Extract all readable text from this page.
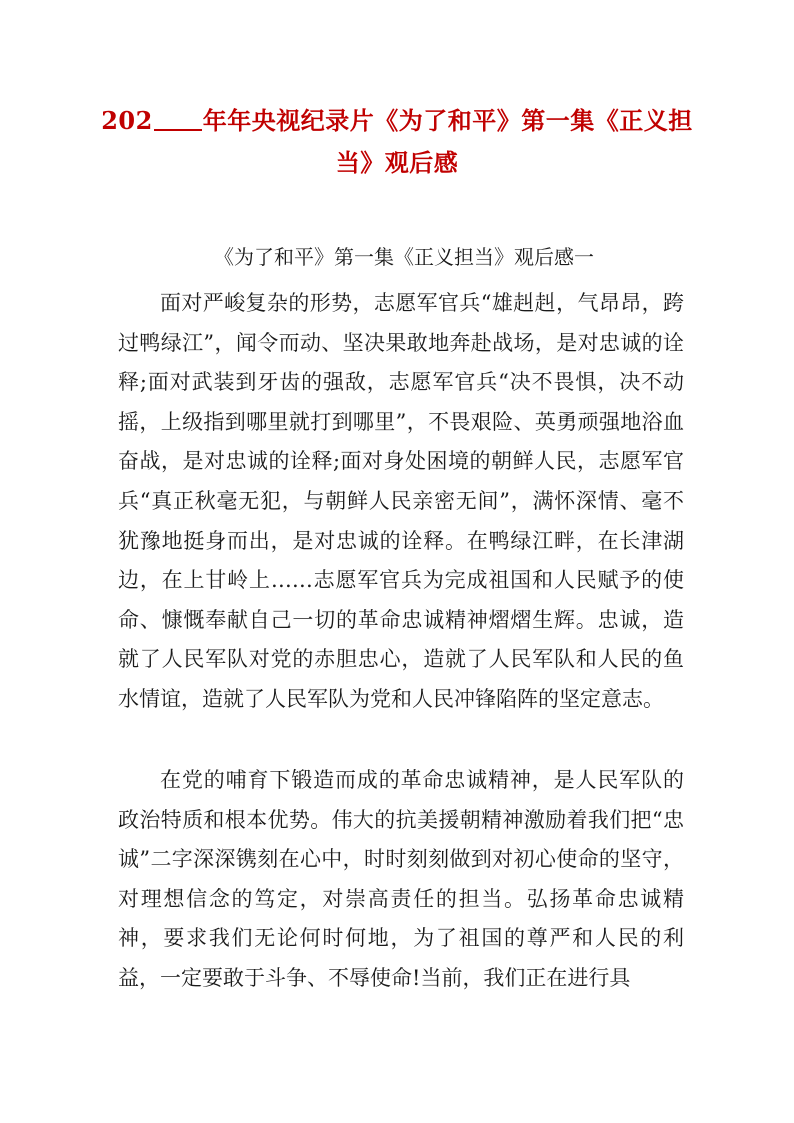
202 年年央视纪录片《为了和平》第一集《正义担
当》观后感
《为了和平》第一集《正义担当》观后感一

面对严峻复杂的形势，志愿军官兵“雄赳赳，气昂昂，跨过鸭绿江”，闻令而动、坚决果敢地奔赴战场，是对忠诚的诠释;面对武装到牙齿的强敌，志愿军官兵“决不畏惧，决不动摇，上级指到哪里就打到哪里”，不畏艰险、英勇顽强地浴血奋战，是对忠诚的诠释;面对身处困境的朝鲜人民，志愿军官兵“真正秋毫无犯，与朝鲜人民亲密无间”，满怀深情、毫不犹豫地挺身而出，是对忠诚的诠释。在鸭绿江畔，在长津湖边，在上甘岭上……志愿军官兵为完成祖国和人民赋予的使命、慷慨奉献自己一切的革命忠诚精神熠熠生辉。忠诚，造就了人民军队对党的赤胆忠心，造就了人民军队和人民的鱼水情谊，造就了人民军队为党和人民冲锋陷阵的坚定意志。

在党的哺育下锻造而成的革命忠诚精神，是人民军队的政治特质和根本优势。伟大的抗美援朝精神激励着我们把“忠诚”二字深深镌刻在心中，时时刻刻做到对初心使命的坚守，对理想信念的笃定，对崇高责任的担当。弘扬革命忠诚精神，要求我们无论何时何地，为了祖国的尊严和人民的利益，一定要敢于斗争、不辱使命!当前，我们正在进行具
